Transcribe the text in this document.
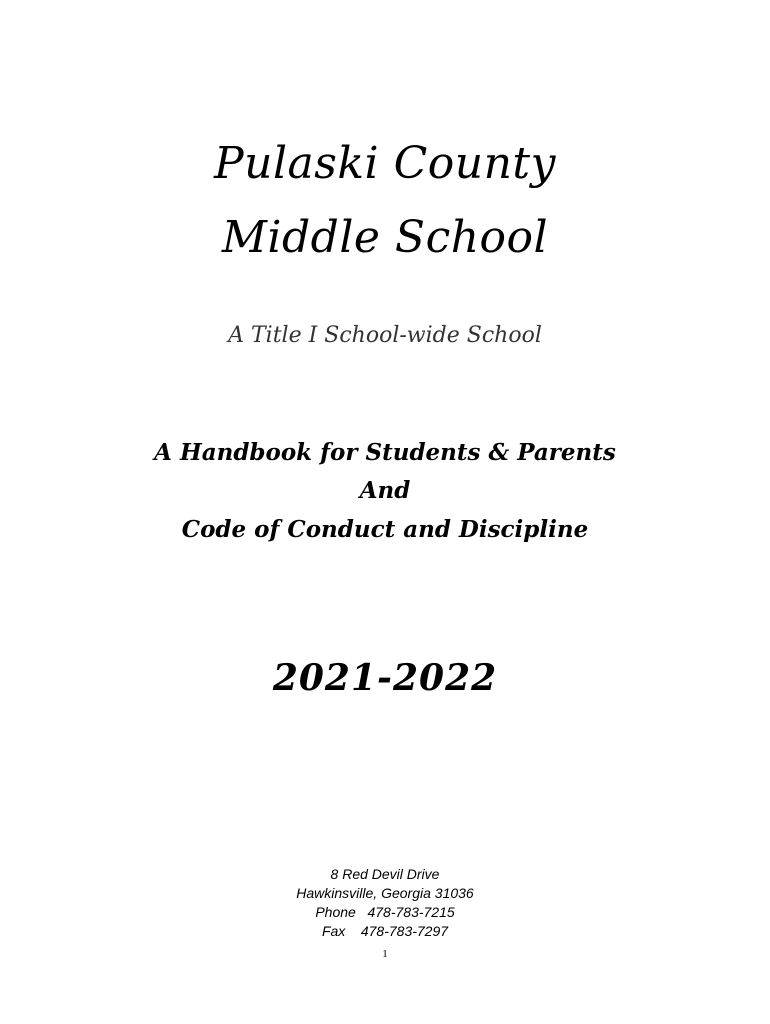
Pulaski County
Middle School
A Title I School-wide School
A Handbook for Students & Parents
And
Code of Conduct and Discipline
2021-2022
8 Red Devil Drive
Hawkinsville, Georgia 31036
Phone 478-783-7215
Fax 478-783-7297
1
